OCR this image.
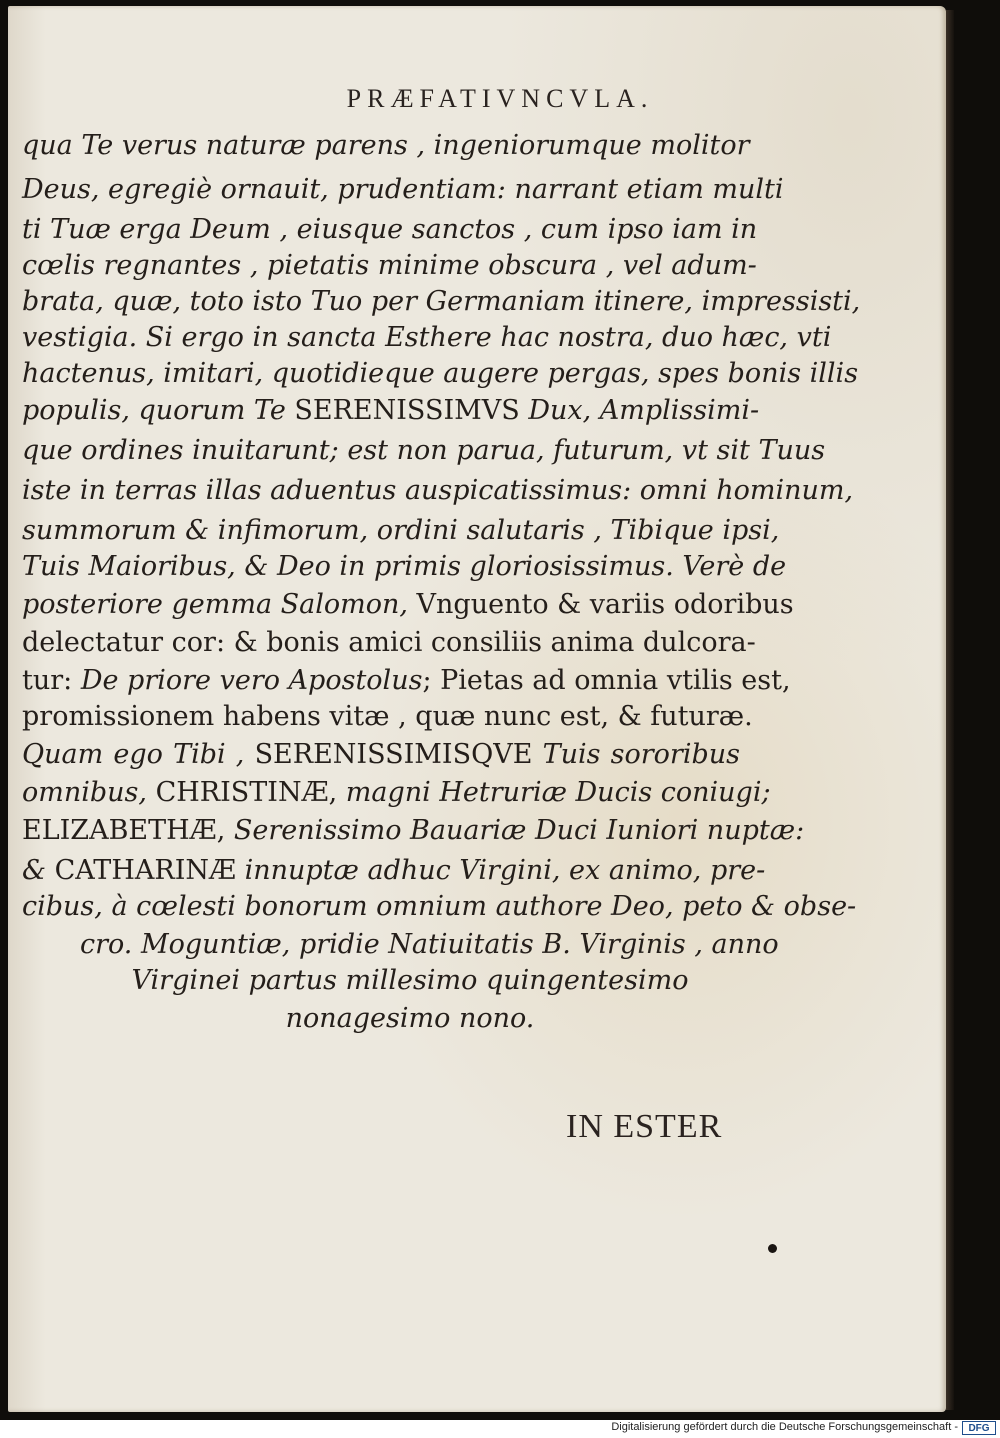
PRÆFATIVNCVLA.
qua Te verus naturæ parens , ingeniorumque molitor
Deus, egregiè ornauit, prudentiam: narrant etiam multi
ti Tuæ erga Deum , eiusque sanctos , cum ipso iam in
cœlis regnantes , pietatis minime obscura , vel adum-
brata, quæ, toto isto Tuo per Germaniam itinere, impressisti,
vestigia. Si ergo in sancta Esthere hac nostra, duo hæc, vti
hactenus, imitari, quotidieque augere pergas, spes bonis illis
populis, quorum Te SERENISSIMVS Dux, Amplissimi-
que ordines inuitarunt; est non parua, futurum, vt sit Tuus
iste in terras illas aduentus auspicatissimus: omni hominum,
summorum & infimorum, ordini salutaris , Tibique ipsi,
Tuis Maioribus, & Deo in primis gloriosissimus. Verè de
posteriore gemma Salomon, Vnguento & variis odoribus
delectatur cor: & bonis amici consiliis anima dulcora-
tur: De priore vero Apostolus; Pietas ad omnia vtilis est,
promissionem habens vitæ , quæ nunc est, & futuræ.
Quam ego Tibi , SERENISSIMISQVE Tuis sororibus
omnibus, CHRISTINÆ, magni Hetruriæ Ducis coniugi;
ELIZABETHÆ, Serenissimo Bauariæ Duci Iuniori nuptæ:
& CATHARINÆ innuptæ adhuc Virgini, ex animo, pre-
cibus, à cœlesti bonorum omnium authore Deo, peto & obse-
cro. Moguntiæ, pridie Natiuitatis B. Virginis , anno
Virginei partus millesimo quingentesimo
nonagesimo nono.
IN ESTER
Digitalisierung gefördert durch die Deutsche Forschungsgemeinschaft -	DFG
